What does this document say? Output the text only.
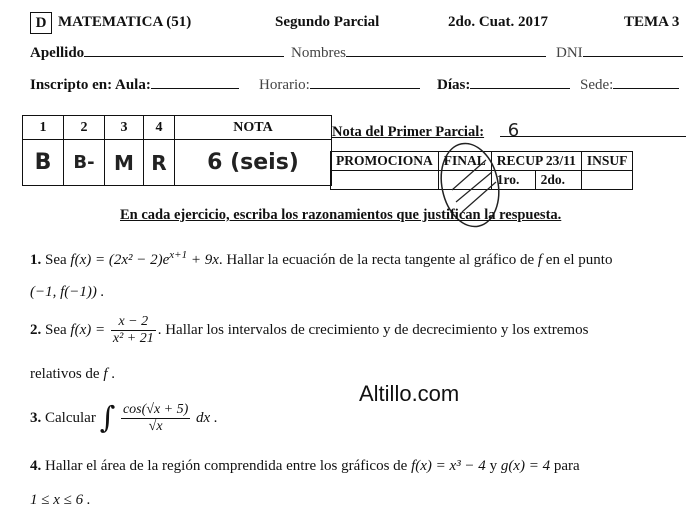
D MATEMATICA (51)	Segundo Parcial	2do. Cuat. 2017	TEMA 3
Apellido	Nombres	DNI
Inscripto en: Aula:	Horario:	Días:	Sede:
1	2	3	4	NOTA
B	B-	M	R	6 (seis)
Nota del Primer Parcial: 6
PROMOCIONA	FINAL	RECUP 23/11		INSUF
		1ro.	2do.	
En cada ejercicio, escriba los razonamientos que justifican la respuesta.
1. Sea $f(x) = (2x^2 - 2)e^{x+1} + 9x$. Hallar la ecuación de la recta tangente al gráfico de f en el punto
(−1, f(−1)) .
2. Sea $f(x) = \frac{x - 2}{\text{x² + 21}}$ . Hallar los intervalos de crecimiento y de decrecimiento y los extremos
relativos de f .
Altillo.com
3. Calcular ∫ $\frac{\cos(√x + 5)}{√x}$ dx .
4. Hallar el área de la región comprendida entre los gráficos de f(x) = x³ − 4 y g(x) = 4 para
1 ≤ x ≤ 6 .
